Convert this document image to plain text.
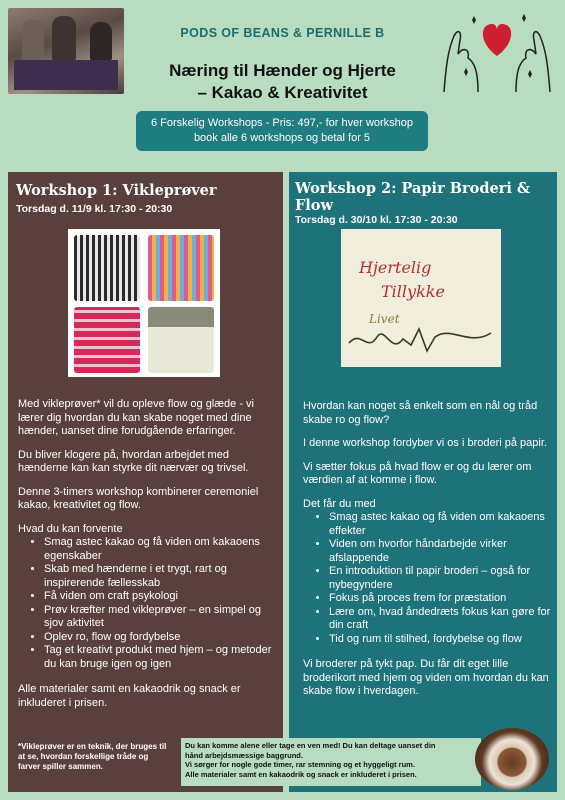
PODS OF BEANS & PERNILLE B
Næring til Hænder og Hjerte
– Kakao & Kreativitet
6 Forskelig Workshops - Pris: 497,- for hver workshop
book alle 6 workshops og betal for 5
Workshop 1: Vikleprøver
Torsdag d. 11/9 kl. 17:30 - 20:30

Med vikleprøver* vil du opleve flow og glæde - vi lærer dig hvordan du kan skabe noget med dine hænder, uanset dine forudgående erfaringer.

Du bliver klogere på, hvordan arbejdet med hænderne kan kan styrke dit nærvær og trivsel.

Denne 3-timers workshop kombinerer ceremoniel kakao, kreativitet og flow.

Hvad du kan forvente
• Smag astec kakao og få viden om kakaoens egenskaber
• Skab med hænderne i et trygt, rart og inspirerende fællesskab
• Få viden om craft psykologi
• Prøv kræfter med vikleprøver – en simpel og sjov aktivitet
• Oplev ro, flow og fordybelse
• Tag et kreativt produkt med hjem – og metoder du kan bruge igen og igen

Alle materialer samt en kakaodrik og snack er inkluderet i prisen.

*Vikleprøver er en teknik, der bruges til at se, hvordan forskellige tråde og farver spiller sammen.
Workshop 2: Papir Broderi &
Flow
Torsdag d. 30/10 kl. 17:30 - 20:30
Hjertelig
Tillykke
Livet

Hvordan kan noget så enkelt som en nål og tråd skabe ro og flow?

I denne workshop fordyber vi os i broderi på papir.

Vi sætter fokus på hvad flow er og du lærer om værdien af at komme i flow.

Det får du med
• Smag astec kakao og få viden om kakaoens effekter
• Viden om hvorfor håndarbejde virker afslappende
• En introduktion til papir broderi – også for nybegyndere
• Fokus på proces frem for præstation
• Lære om, hvad åndedræts fokus kan gøre for din craft
• Tid og rum til stilhed, fordybelse og flow

Vi broderer på tykt pap. Du får dit eget lille broderikort med hjem og viden om hvordan du kan skabe flow i hverdagen.

Du kan komme alene eller tage en ven med! Du kan deltage uanset din
hånd arbejdsmæssige baggrund.
Vi sørger for nogle gode timer, rar stemning og et hyggeligt rum.
Alle materialer samt en kakaodrik og snack er inkluderet i prisen.
